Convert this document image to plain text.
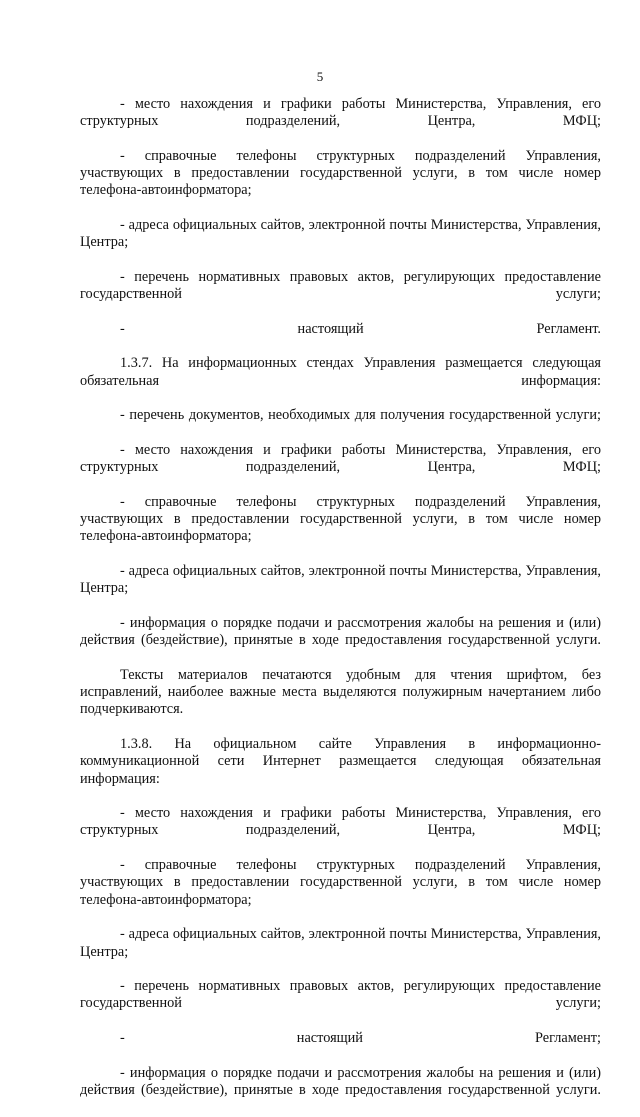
5

- место нахождения и графики работы Министерства, Управления, его структурных подразделений, Центра, МФЦ;

- справочные телефоны структурных подразделений Управления, участвующих в предоставлении государственной услуги, в том числе номер телефона-автоинформатора;

- адреса официальных сайтов, электронной почты Министерства, Управления, Центра;

- перечень нормативных правовых актов, регулирующих предоставление государственной услуги;

- настоящий Регламент.

1.3.7. На информационных стендах Управления размещается следующая обязательная информация:

- перечень документов, необходимых для получения государственной услуги;

- место нахождения и графики работы Министерства, Управления, его структурных подразделений, Центра, МФЦ;

- справочные телефоны структурных подразделений Управления, участвующих в предоставлении государственной услуги, в том числе номер телефона-автоинформатора;

- адреса официальных сайтов, электронной почты Министерства, Управления, Центра;

- информация о порядке подачи и рассмотрения жалобы на решения и (или) действия (бездействие), принятые в ходе предоставления государственной услуги.

Тексты материалов печатаются удобным для чтения шрифтом, без исправлений, наиболее важные места выделяются полужирным начертанием либо подчеркиваются.

1.3.8. На официальном сайте Управления в информационно-коммуникационной сети Интернет размещается следующая обязательная информация:

- место нахождения и графики работы Министерства, Управления, его структурных подразделений, Центра, МФЦ;

- справочные телефоны структурных подразделений Управления, участвующих в предоставлении государственной услуги, в том числе номер телефона-автоинформатора;

- адреса официальных сайтов, электронной почты Министерства, Управления, Центра;

- перечень нормативных правовых актов, регулирующих предоставление государственной услуги;

- настоящий Регламент;

- информация о порядке подачи и рассмотрения жалобы на решения и (или) действия (бездействие), принятые в ходе предоставления государственной услуги.
